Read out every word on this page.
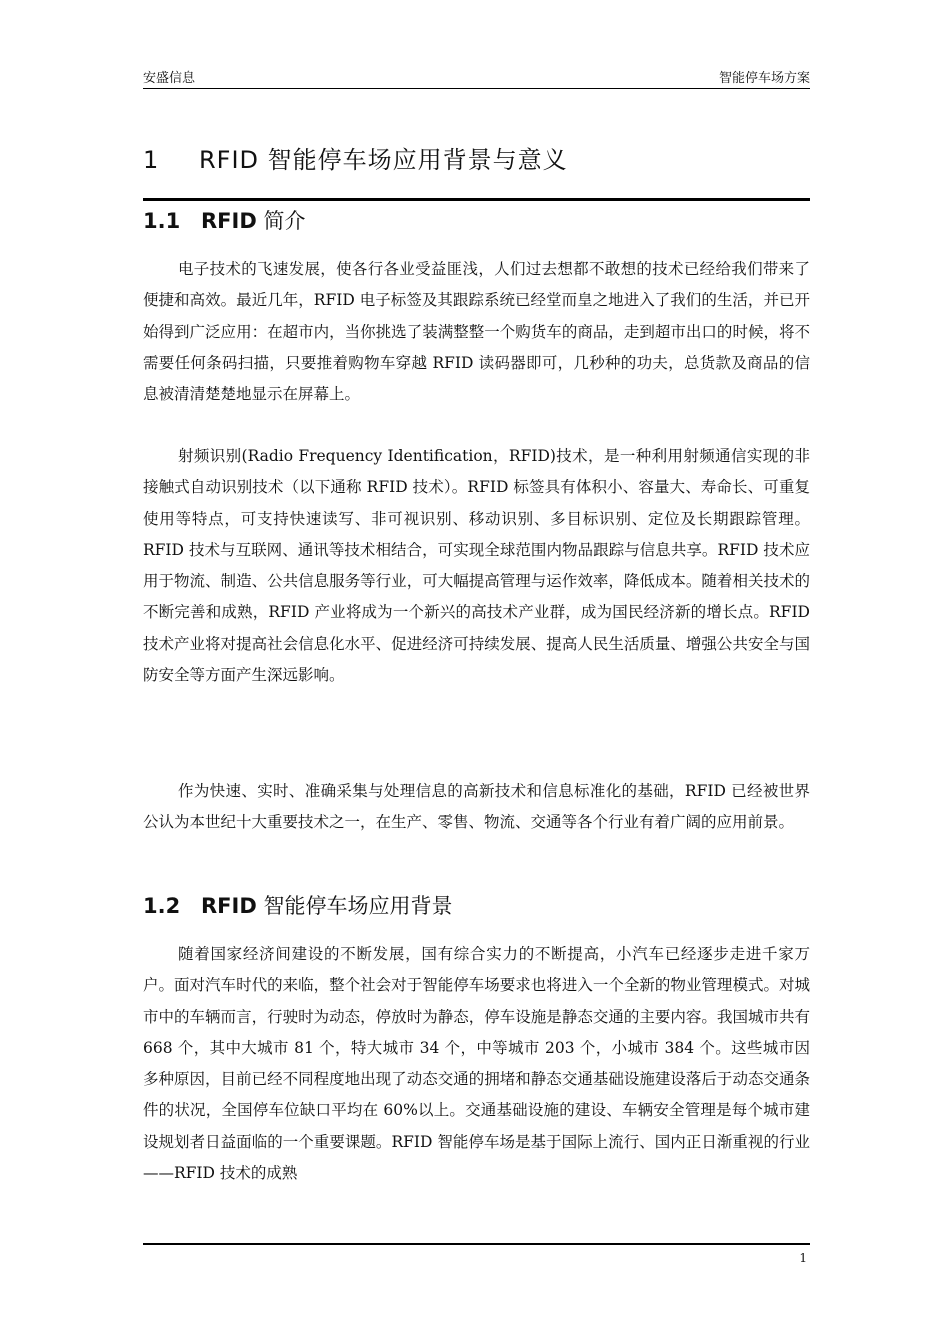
安盛信息	智能停车场方案
1 RFID 智能停车场应用背景与意义
1.1 RFID 简介

电子技术的飞速发展，使各行各业受益匪浅，人们过去想都不敢想的技术已经给我们带来了便捷和高效。最近几年，RFID 电子标签及其跟踪系统已经堂而皇之地进入了我们的生活，并已开始得到广泛应用：在超市内，当你挑选了装满整整一个购货车的商品，走到超市出口的时候，将不需要任何条码扫描，只要推着购物车穿越 RFID 读码器即可，几秒种的功夫，总货款及商品的信息被清清楚楚地显示在屏幕上。

射频识别(Radio Frequency Identification，RFID)技术，是一种利用射频通信实现的非接触式自动识别技术（以下通称 RFID 技术）。RFID 标签具有体积小、容量大、寿命长、可重复使用等特点，可支持快速读写、非可视识别、移动识别、多目标识别、定位及长期跟踪管理。RFID 技术与互联网、通讯等技术相结合，可实现全球范围内物品跟踪与信息共享。RFID 技术应用于物流、制造、公共信息服务等行业，可大幅提高管理与运作效率，降低成本。随着相关技术的不断完善和成熟，RFID 产业将成为一个新兴的高技术产业群，成为国民经济新的增长点。RFID 技术产业将对提高社会信息化水平、促进经济可持续发展、提高人民生活质量、增强公共安全与国防安全等方面产生深远影响。

作为快速、实时、准确采集与处理信息的高新技术和信息标准化的基础，RFID 已经被世界公认为本世纪十大重要技术之一，在生产、零售、物流、交通等各个行业有着广阔的应用前景。

1.2 RFID 智能停车场应用背景

随着国家经济间建设的不断发展，国有综合实力的不断提高，小汽车已经逐步走进千家万户。面对汽车时代的来临，整个社会对于智能停车场要求也将进入一个全新的物业管理模式。对城市中的车辆而言，行驶时为动态，停放时为静态，停车设施是静态交通的主要内容。我国城市共有 668 个，其中大城市 81 个，特大城市 34 个，中等城市 203 个，小城市 384 个。这些城市因多种原因，目前已经不同程度地出现了动态交通的拥堵和静态交通基础设施建设落后于动态交通条件的状况，全国停车位缺口平均在 60%以上。交通基础设施的建设、车辆安全管理是每个城市建设规划者日益面临的一个重要课题。RFID 智能停车场是基于国际上流行、国内正日渐重视的行业——RFID 技术的成熟

1
